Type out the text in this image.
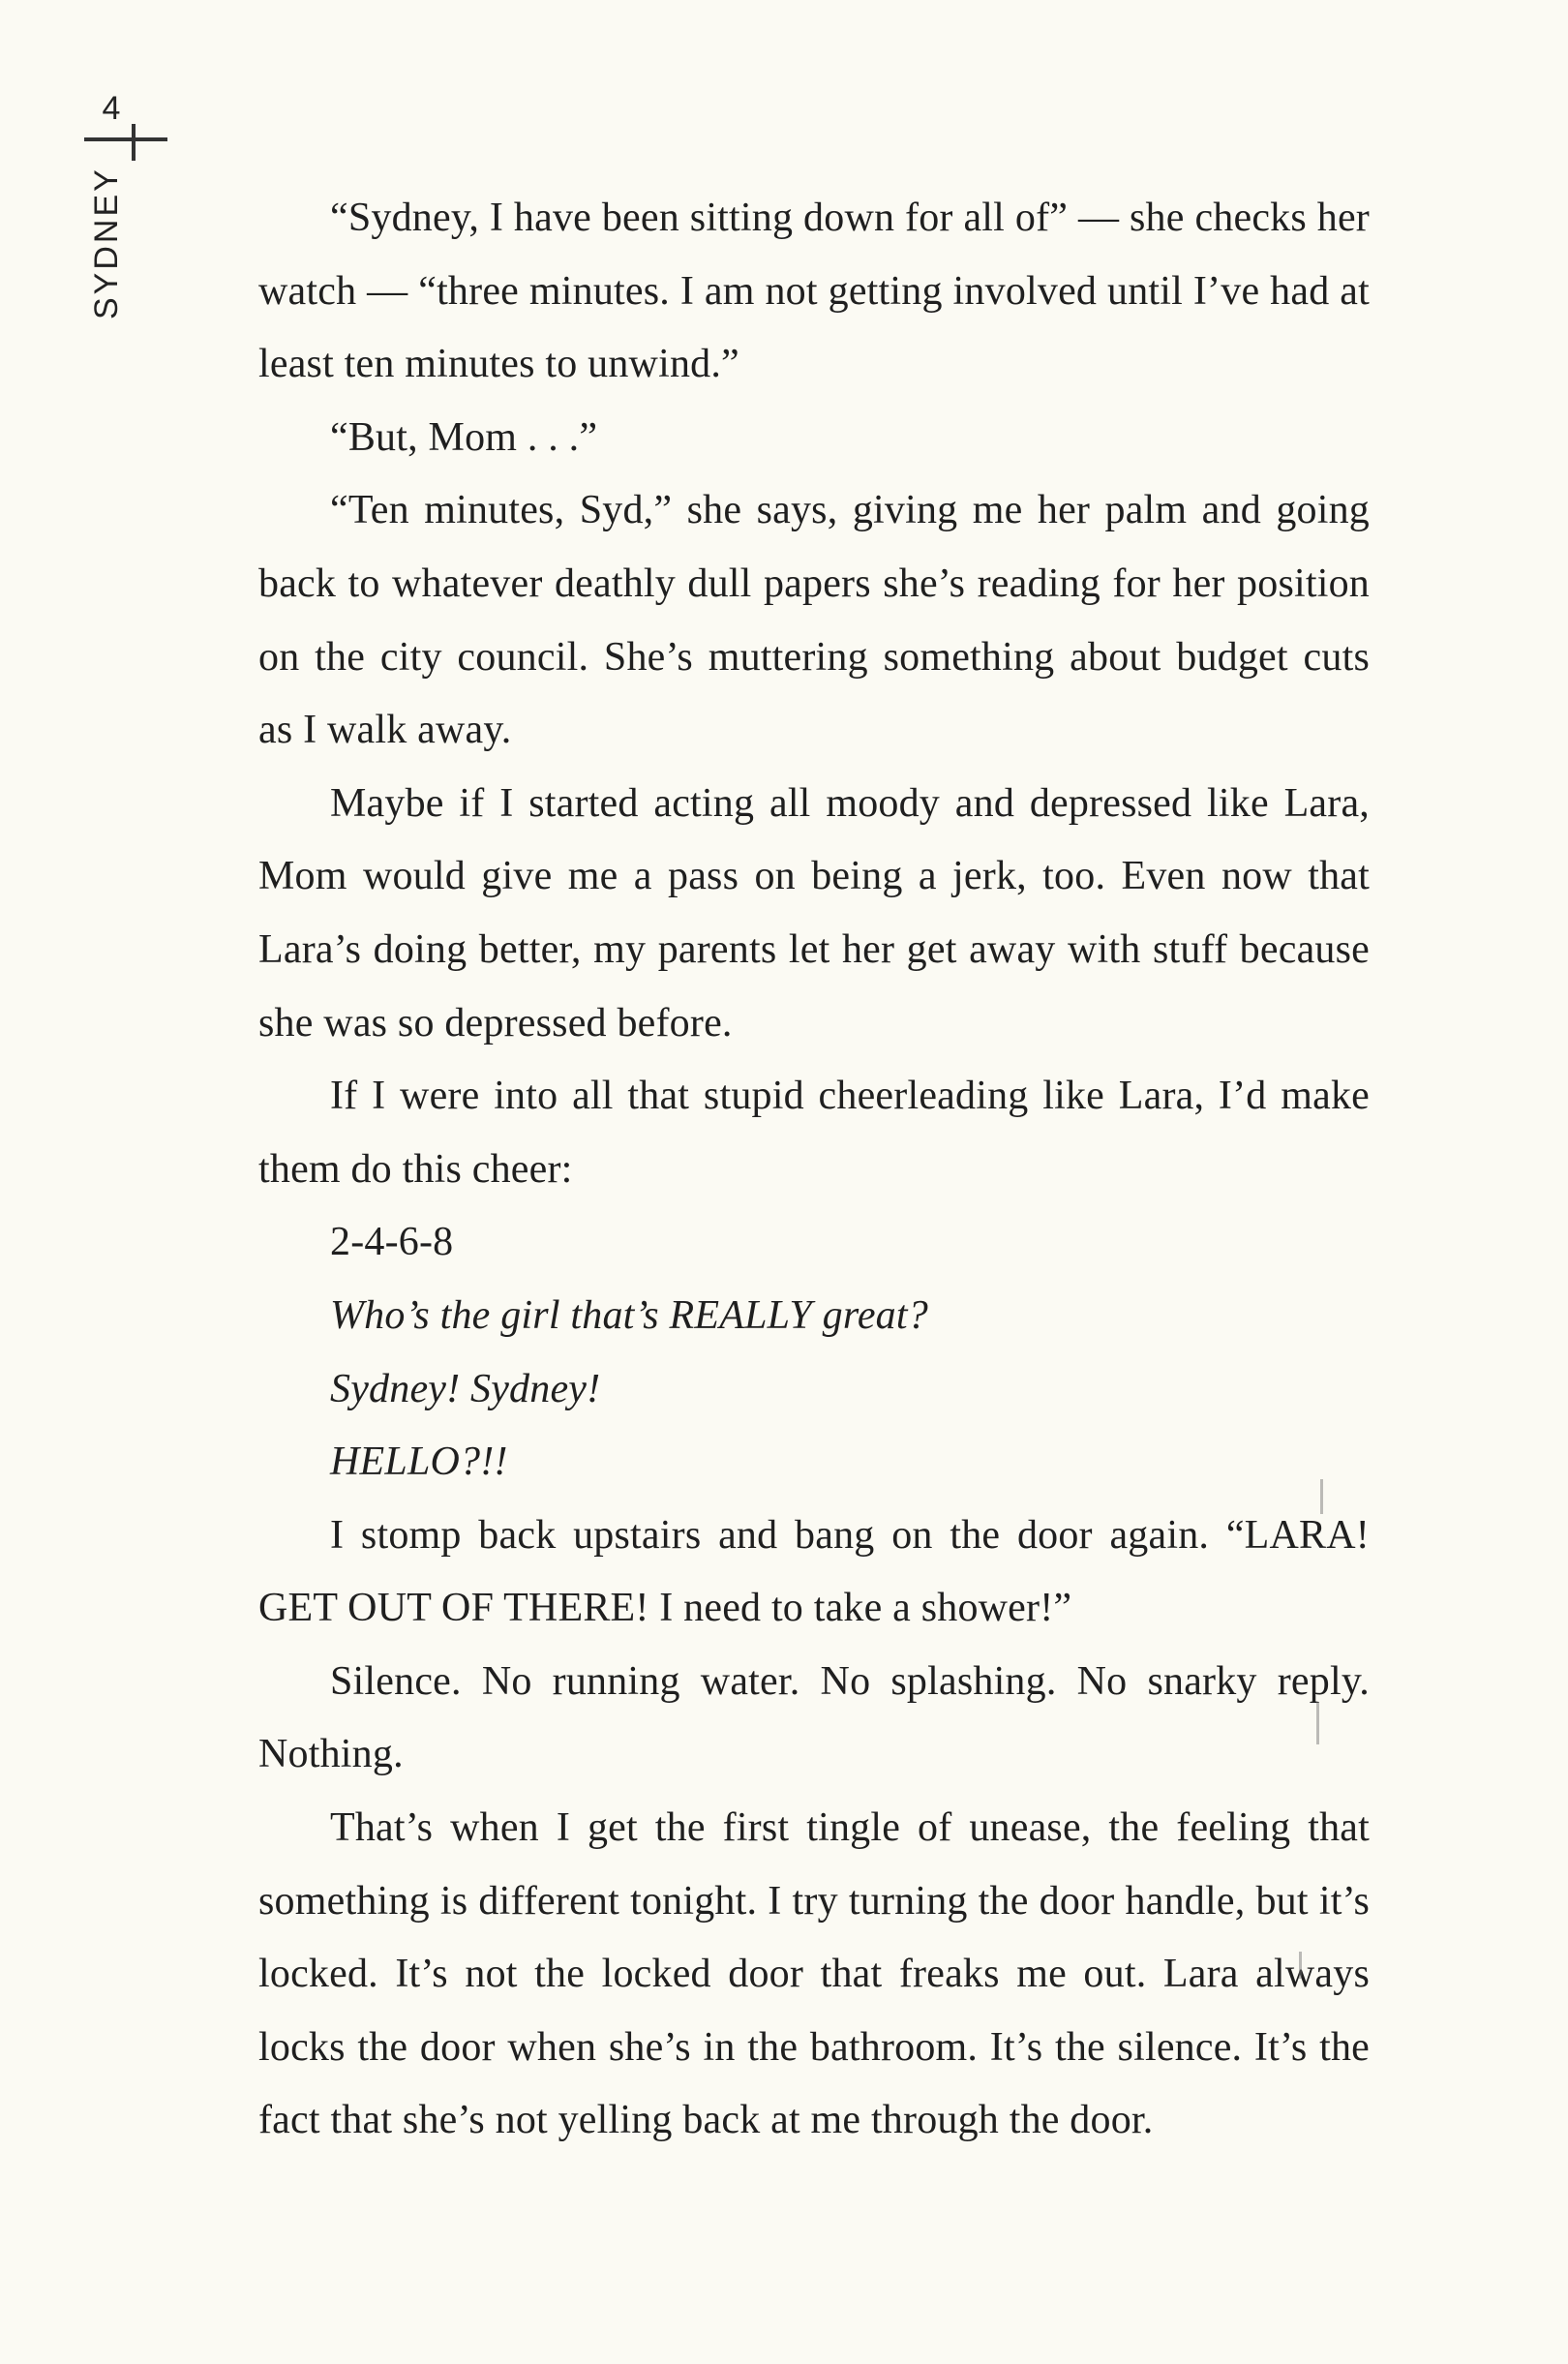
4
SYDNEY	“Sydney, I have been sitting down for all of” — she checks her watch — “three minutes. I am not getting involved until I’ve had at least ten minutes to unwind.”

“But, Mom . . .”

“Ten minutes, Syd,” she says, giving me her palm and going back to whatever deathly dull papers she’s reading for her position on the city council. She’s muttering something about budget cuts as I walk away.

Maybe if I started acting all moody and depressed like Lara, Mom would give me a pass on being a jerk, too. Even now that Lara’s doing better, my parents let her get away with stuff because she was so depressed before.

If I were into all that stupid cheerleading like Lara, I’d make them do this cheer:

2-4-6-8

Who’s the girl that’s REALLY great?

Sydney! Sydney!

HELLO?!!

I stomp back upstairs and bang on the door again. “LARA! GET OUT OF THERE! I need to take a shower!”

Silence. No running water. No splashing. No snarky reply. Nothing.

That’s when I get the first tingle of unease, the feeling that something is different tonight. I try turning the door handle, but it’s locked. It’s not the locked door that freaks me out. Lara always locks the door when she’s in the bathroom. It’s the silence. It’s the fact that she’s not yelling back at me through the door.
